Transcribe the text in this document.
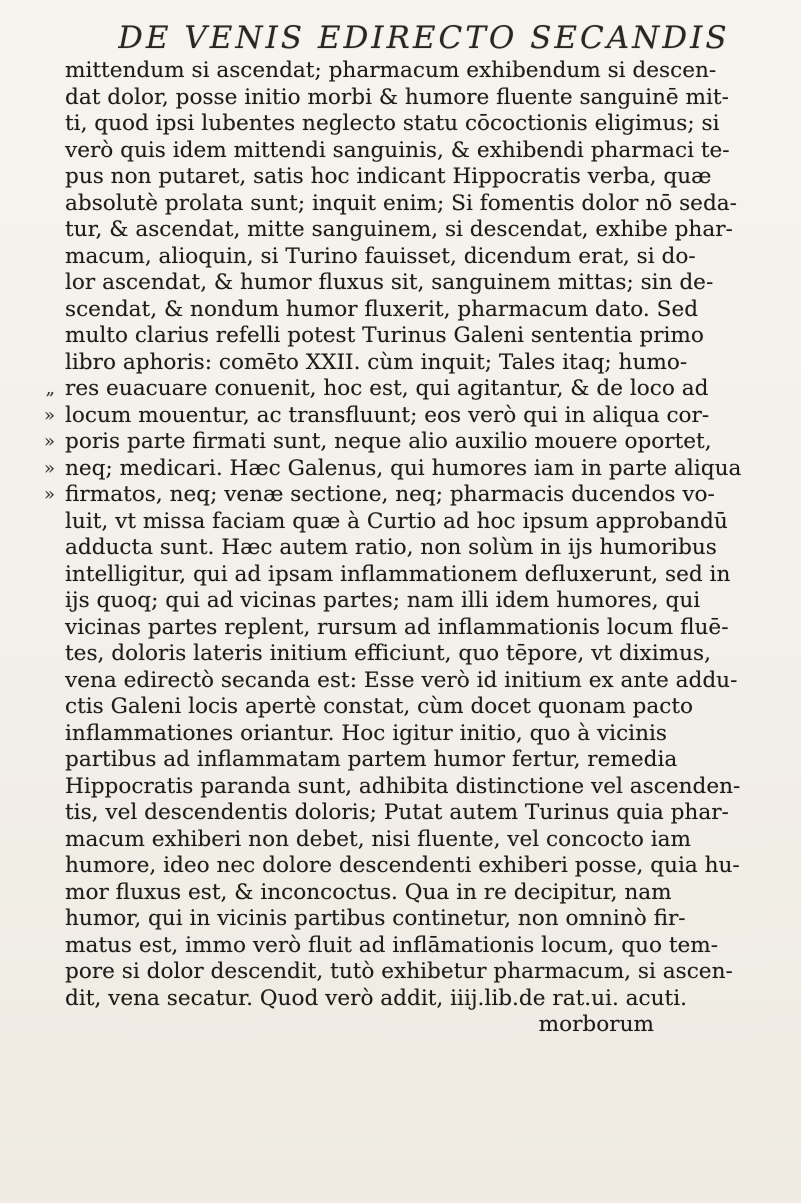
DE VENIS EDIRECTO SECANDIS
mittendum si ascendat; pharmacum exhibendum si descen-
dat dolor, posse initio morbi & humore fluente sanguinē mit-
ti, quod ipsi lubentes neglecto statu cōcoctionis eligimus; si
verò quis idem mittendi sanguinis, & exhibendi pharmaci te-
pus non putaret, satis hoc indicant Hippocratis verba, quæ
absolutè prolata sunt; inquit enim; Si fomentis dolor nō seda-
tur, & ascendat, mitte sanguinem, si descendat, exhibe phar-
macum, alioquin, si Turino fauisset, dicendum erat, si do-
lor ascendat, & humor fluxus sit, sanguinem mittas; sin de-
scendat, & nondum humor fluxerit, pharmacum dato. Sed
multo clarius refelli potest Turinus Galeni sententia primo
libro aphoris: comēto XXII. cùm inquit; Tales itaq; humo-
„ res euacuare conuenit, hoc est, qui agitantur, & de loco ad
» locum mouentur, ac transfluunt; eos verò qui in aliqua cor-
» poris parte firmati sunt, neque alio auxilio mouere oportet,
» neq; medicari. Hæc Galenus, qui humores iam in parte aliqua
» firmatos, neq; venæ sectione, neq; pharmacis ducendos vo-
luit, vt missa faciam quæ à Curtio ad hoc ipsum approbandū
adducta sunt. Hæc autem ratio, non solùm in ijs humoribus
intelligitur, qui ad ipsam inflammationem defluxerunt, sed in
ijs quoq; qui ad vicinas partes; nam illi idem humores, qui
vicinas partes replent, rursum ad inflammationis locum fluē-
tes, doloris lateris initium efficiunt, quo tēpore, vt diximus,
vena edirectò secanda est: Esse verò id initium ex ante addu-
ctis Galeni locis apertè constat, cùm docet quonam pacto
inflammationes oriantur. Hoc igitur initio, quo à vicinis
partibus ad inflammatam partem humor fertur, remedia
Hippocratis paranda sunt, adhibita distinctione vel ascenden-
tis, vel descendentis doloris; Putat autem Turinus quia phar-
macum exhiberi non debet, nisi fluente, vel concocto iam
humore, ideo nec dolore descendenti exhiberi posse, quia hu-
mor fluxus est, & inconcoctus. Qua in re decipitur, nam
humor, qui in vicinis partibus continetur, non omninò fir-
matus est, immo verò fluit ad inflāmationis locum, quo tem-
pore si dolor descendit, tutò exhibetur pharmacum, si ascen-
dit, vena secatur. Quod verò addit, iiij.lib.de rat.ui. acuti.
morborum
